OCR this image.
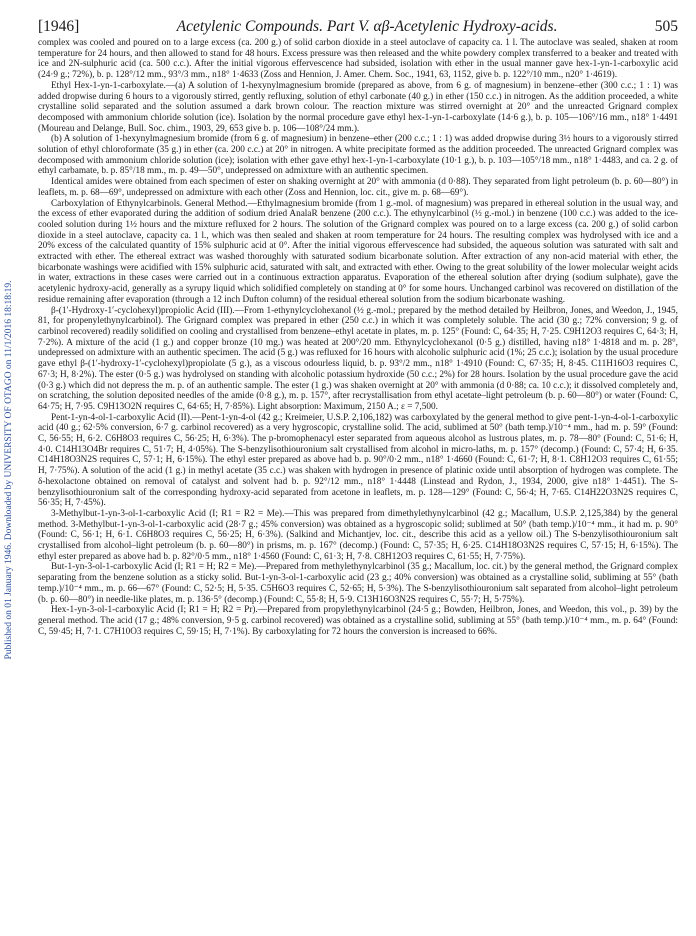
Published on 01 January 1946. Downloaded by UNIVERSITY OF OTAGO on 11/1/2016 18:18:19.
[1946]	Acetylenic Compounds. Part V. αβ-Acetylenic Hydroxy-acids.	505

complex was cooled and poured on to a large excess (ca. 200 g.) of solid carbon dioxide in a steel autoclave of capacity ca. 1 l. The autoclave was sealed, shaken at room temperature for 24 hours, and then allowed to stand for 48 hours. Excess pressure was then released and the white powdery complex transferred to a beaker and treated with ice and 2N-sulphuric acid (ca. 500 c.c.). After the initial vigorous effervescence had subsided, isolation with ether in the usual manner gave hex-1-yn-1-carboxylic acid (24·9 g.; 72%), b. p. 128°/12 mm., 93°/3 mm., n18° 1·4633 (Zoss and Hennion, J. Amer. Chem. Soc., 1941, 63, 1152, give b. p. 122°/10 mm., n20° 1·4619).

Ethyl Hex-1-yn-1-carboxylate.—(a) A solution of 1-hexynylmagnesium bromide (prepared as above, from 6 g. of magnesium) in benzene–ether (300 c.c.; 1 : 1) was added dropwise during 6 hours to a vigorously stirred, gently refluxing, solution of ethyl carbonate (40 g.) in ether (150 c.c.) in nitrogen. As the addition proceeded, a white crystalline solid separated and the solution assumed a dark brown colour. The reaction mixture was stirred overnight at 20° and the unreacted Grignard complex decomposed with ammonium chloride solution (ice). Isolation by the normal procedure gave ethyl hex-1-yn-1-carboxylate (14·6 g.), b. p. 105—106°/16 mm., n18° 1·4491 (Moureau and Delange, Bull. Soc. chim., 1903, 29, 653 give b. p. 106—108°/24 mm.).

(b) A solution of 1-hexynylmagnesium bromide (from 6 g. of magnesium) in benzene–ether (200 c.c.; 1 : 1) was added dropwise during 3½ hours to a vigorously stirred solution of ethyl chloroformate (35 g.) in ether (ca. 200 c.c.) at 20° in nitrogen. A white precipitate formed as the addition proceeded. The unreacted Grignard complex was decomposed with ammonium chloride solution (ice); isolation with ether gave ethyl hex-1-yn-1-carboxylate (10·1 g.), b. p. 103—105°/18 mm., n18° 1·4483, and ca. 2 g. of ethyl carbamate, b. p. 85°/18 mm., m. p. 49—50°, undepressed on admixture with an authentic specimen.

Identical amides were obtained from each specimen of ester on shaking overnight at 20° with ammonia (d 0·88). They separated from light petroleum (b. p. 60—80°) in leaflets, m. p. 68—69°, undepressed on admixture with each other (Zoss and Hennion, loc. cit., give m. p. 68—69°).

Carboxylation of Ethynylcarbinols. General Method.—Ethylmagnesium bromide (from 1 g.-mol. of magnesium) was prepared in ethereal solution in the usual way, and the excess of ether evaporated during the addition of sodium dried AnalaR benzene (200 c.c.). The ethynylcarbinol (½ g.-mol.) in benzene (100 c.c.) was added to the ice-cooled solution during 1½ hours and the mixture refluxed for 2 hours. The solution of the Grignard complex was poured on to a large excess (ca. 200 g.) of solid carbon dioxide in a steel autoclave, capacity ca. 1 l., which was then sealed and shaken at room temperature for 24 hours. The resulting complex was hydrolysed with ice and a 20% excess of the calculated quantity of 15% sulphuric acid at 0°. After the initial vigorous effervescence had subsided, the aqueous solution was saturated with salt and extracted with ether. The ethereal extract was washed thoroughly with saturated sodium bicarbonate solution. After extraction of any non-acid material with ether, the bicarbonate washings were acidified with 15% sulphuric acid, saturated with salt, and extracted with ether. Owing to the great solubility of the lower molecular weight acids in water, extractions in these cases were carried out in a continuous extraction apparatus. Evaporation of the ethereal solution after drying (sodium sulphate), gave the acetylenic hydroxy-acid, generally as a syrupy liquid which solidified completely on standing at 0° for some hours. Unchanged carbinol was recovered on distillation of the residue remaining after evaporation (through a 12 inch Dufton column) of the residual ethereal solution from the sodium bicarbonate washing.

β-(1′-Hydroxy-1′-cyclohexyl)propiolic Acid (III).—From 1-ethynylcyclohexanol (½ g.-mol.; prepared by the method detailed by Heilbron, Jones, and Weedon, J., 1945, 81, for propenylethynylcarbinol). The Grignard complex was prepared in ether (250 c.c.) in which it was completely soluble. The acid (30 g.; 72% conversion; 9 g. of carbinol recovered) readily solidified on cooling and crystallised from benzene–ethyl acetate in plates, m. p. 125° (Found: C, 64·35; H, 7·25. C9H12O3 requires C, 64·3; H, 7·2%). A mixture of the acid (1 g.) and copper bronze (10 mg.) was heated at 200°/20 mm. Ethynylcyclohexanol (0·5 g.) distilled, having n18° 1·4818 and m. p. 28°, undepressed on admixture with an authentic specimen. The acid (5 g.) was refluxed for 16 hours with alcoholic sulphuric acid (1%; 25 c.c.); isolation by the usual procedure gave ethyl β-(1′-hydroxy-1′-cyclohexyl)propiolate (5 g.), as a viscous odourless liquid, b. p. 93°/2 mm., n18° 1·4910 (Found: C, 67·35; H, 8·45. C11H16O3 requires C, 67·3; H, 8·2%). The ester (0·5 g.) was hydrolysed on standing with alcoholic potassium hydroxide (50 c.c.; 2%) for 28 hours. Isolation by the usual procedure gave the acid (0·3 g.) which did not depress the m. p. of an authentic sample. The ester (1 g.) was shaken overnight at 20° with ammonia (d 0·88; ca. 10 c.c.); it dissolved completely and, on scratching, the solution deposited needles of the amide (0·8 g.), m. p. 157°, after recrystallisation from ethyl acetate–light petroleum (b. p. 60—80°) or water (Found: C, 64·75; H, 7·95. C9H13O2N requires C, 64·65; H, 7·85%). Light absorption: Maximum, 2150 A.; ε = 7,500.

Pent-1-yn-4-ol-1-carboxylic Acid (II).—Pent-1-yn-4-ol (42 g.; Kreimeier, U.S.P. 2,106,182) was carboxylated by the general method to give pent-1-yn-4-ol-1-carboxylic acid (40 g.; 62·5% conversion, 6·7 g. carbinol recovered) as a very hygroscopic, crystalline solid. The acid, sublimed at 50° (bath temp.)/10⁻⁴ mm., had m. p. 59° (Found: C, 56·55; H, 6·2. C6H8O3 requires C, 56·25; H, 6·3%). The p-bromophenacyl ester separated from aqueous alcohol as lustrous plates, m. p. 78—80° (Found: C, 51·6; H, 4·0. C14H13O4Br requires C, 51·7; H, 4·05%). The S-benzylisothiouronium salt crystallised from alcohol in micro-laths, m. p. 157° (decomp.) (Found: C, 57·4; H, 6·35. C14H18O3N2S requires C, 57·1; H, 6·15%). The ethyl ester prepared as above had b. p. 90°/0·2 mm., n18° 1·4660 (Found: C, 61·7; H, 8·1. C8H12O3 requires C, 61·55; H, 7·75%). A solution of the acid (1 g.) in methyl acetate (35 c.c.) was shaken with hydrogen in presence of platinic oxide until absorption of hydrogen was complete. The δ-hexolactone obtained on removal of catalyst and solvent had b. p. 92°/12 mm., n18° 1·4448 (Linstead and Rydon, J., 1934, 2000, give n18° 1·4451). The S-benzylisothiouronium salt of the corresponding hydroxy-acid separated from acetone in leaflets, m. p. 128—129° (Found: C, 56·4; H, 7·65. C14H22O3N2S requires C, 56·35; H, 7·45%).

3-Methylbut-1-yn-3-ol-1-carboxylic Acid (I; R1 = R2 = Me).—This was prepared from dimethylethynylcarbinol (42 g.; Macallum, U.S.P. 2,125,384) by the general method. 3-Methylbut-1-yn-3-ol-1-carboxylic acid (28·7 g.; 45% conversion) was obtained as a hygroscopic solid; sublimed at 50° (bath temp.)/10⁻⁴ mm., it had m. p. 90° (Found: C, 56·1; H, 6·1. C6H8O3 requires C, 56·25; H, 6·3%). (Salkind and Michantjev, loc. cit., describe this acid as a yellow oil.) The S-benzylisothiouronium salt crystallised from alcohol–light petroleum (b. p. 60—80°) in prisms, m. p. 167° (decomp.) (Found: C, 57·35; H, 6·25. C14H18O3N2S requires C, 57·15; H, 6·15%). The ethyl ester prepared as above had b. p. 82°/0·5 mm., n18° 1·4560 (Found: C, 61·3; H, 7·8. C8H12O3 requires C, 61·55; H, 7·75%).

But-1-yn-3-ol-1-carboxylic Acid (I; R1 = H; R2 = Me).—Prepared from methylethynylcarbinol (35 g.; Macallum, loc. cit.) by the general method, the Grignard complex separating from the benzene solution as a sticky solid. But-1-yn-3-ol-1-carboxylic acid (23 g.; 40% conversion) was obtained as a crystalline solid, subliming at 55° (bath temp.)/10⁻⁴ mm., m. p. 66—67° (Found: C, 52·5; H, 5·35. C5H6O3 requires C, 52·65; H, 5·3%). The S-benzylisothiouronium salt separated from alcohol–light petroleum (b. p. 60—80°) in needle-like plates, m. p. 136·5° (decomp.) (Found: C, 55·8; H, 5·9. C13H16O3N2S requires C, 55·7; H, 5·75%).

Hex-1-yn-3-ol-1-carboxylic Acid (I; R1 = H; R2 = Pr).—Prepared from propylethynylcarbinol (24·5 g.; Bowden, Heilbron, Jones, and Weedon, this vol., p. 39) by the general method. The acid (17 g.; 48% conversion, 9·5 g. carbinol recovered) was obtained as a crystalline solid, subliming at 55° (bath temp.)/10⁻⁴ mm., m. p. 64° (Found: C, 59·45; H, 7·1. C7H10O3 requires C, 59·15; H, 7·1%). By carboxylating for 72 hours the conversion is increased to 66%.
